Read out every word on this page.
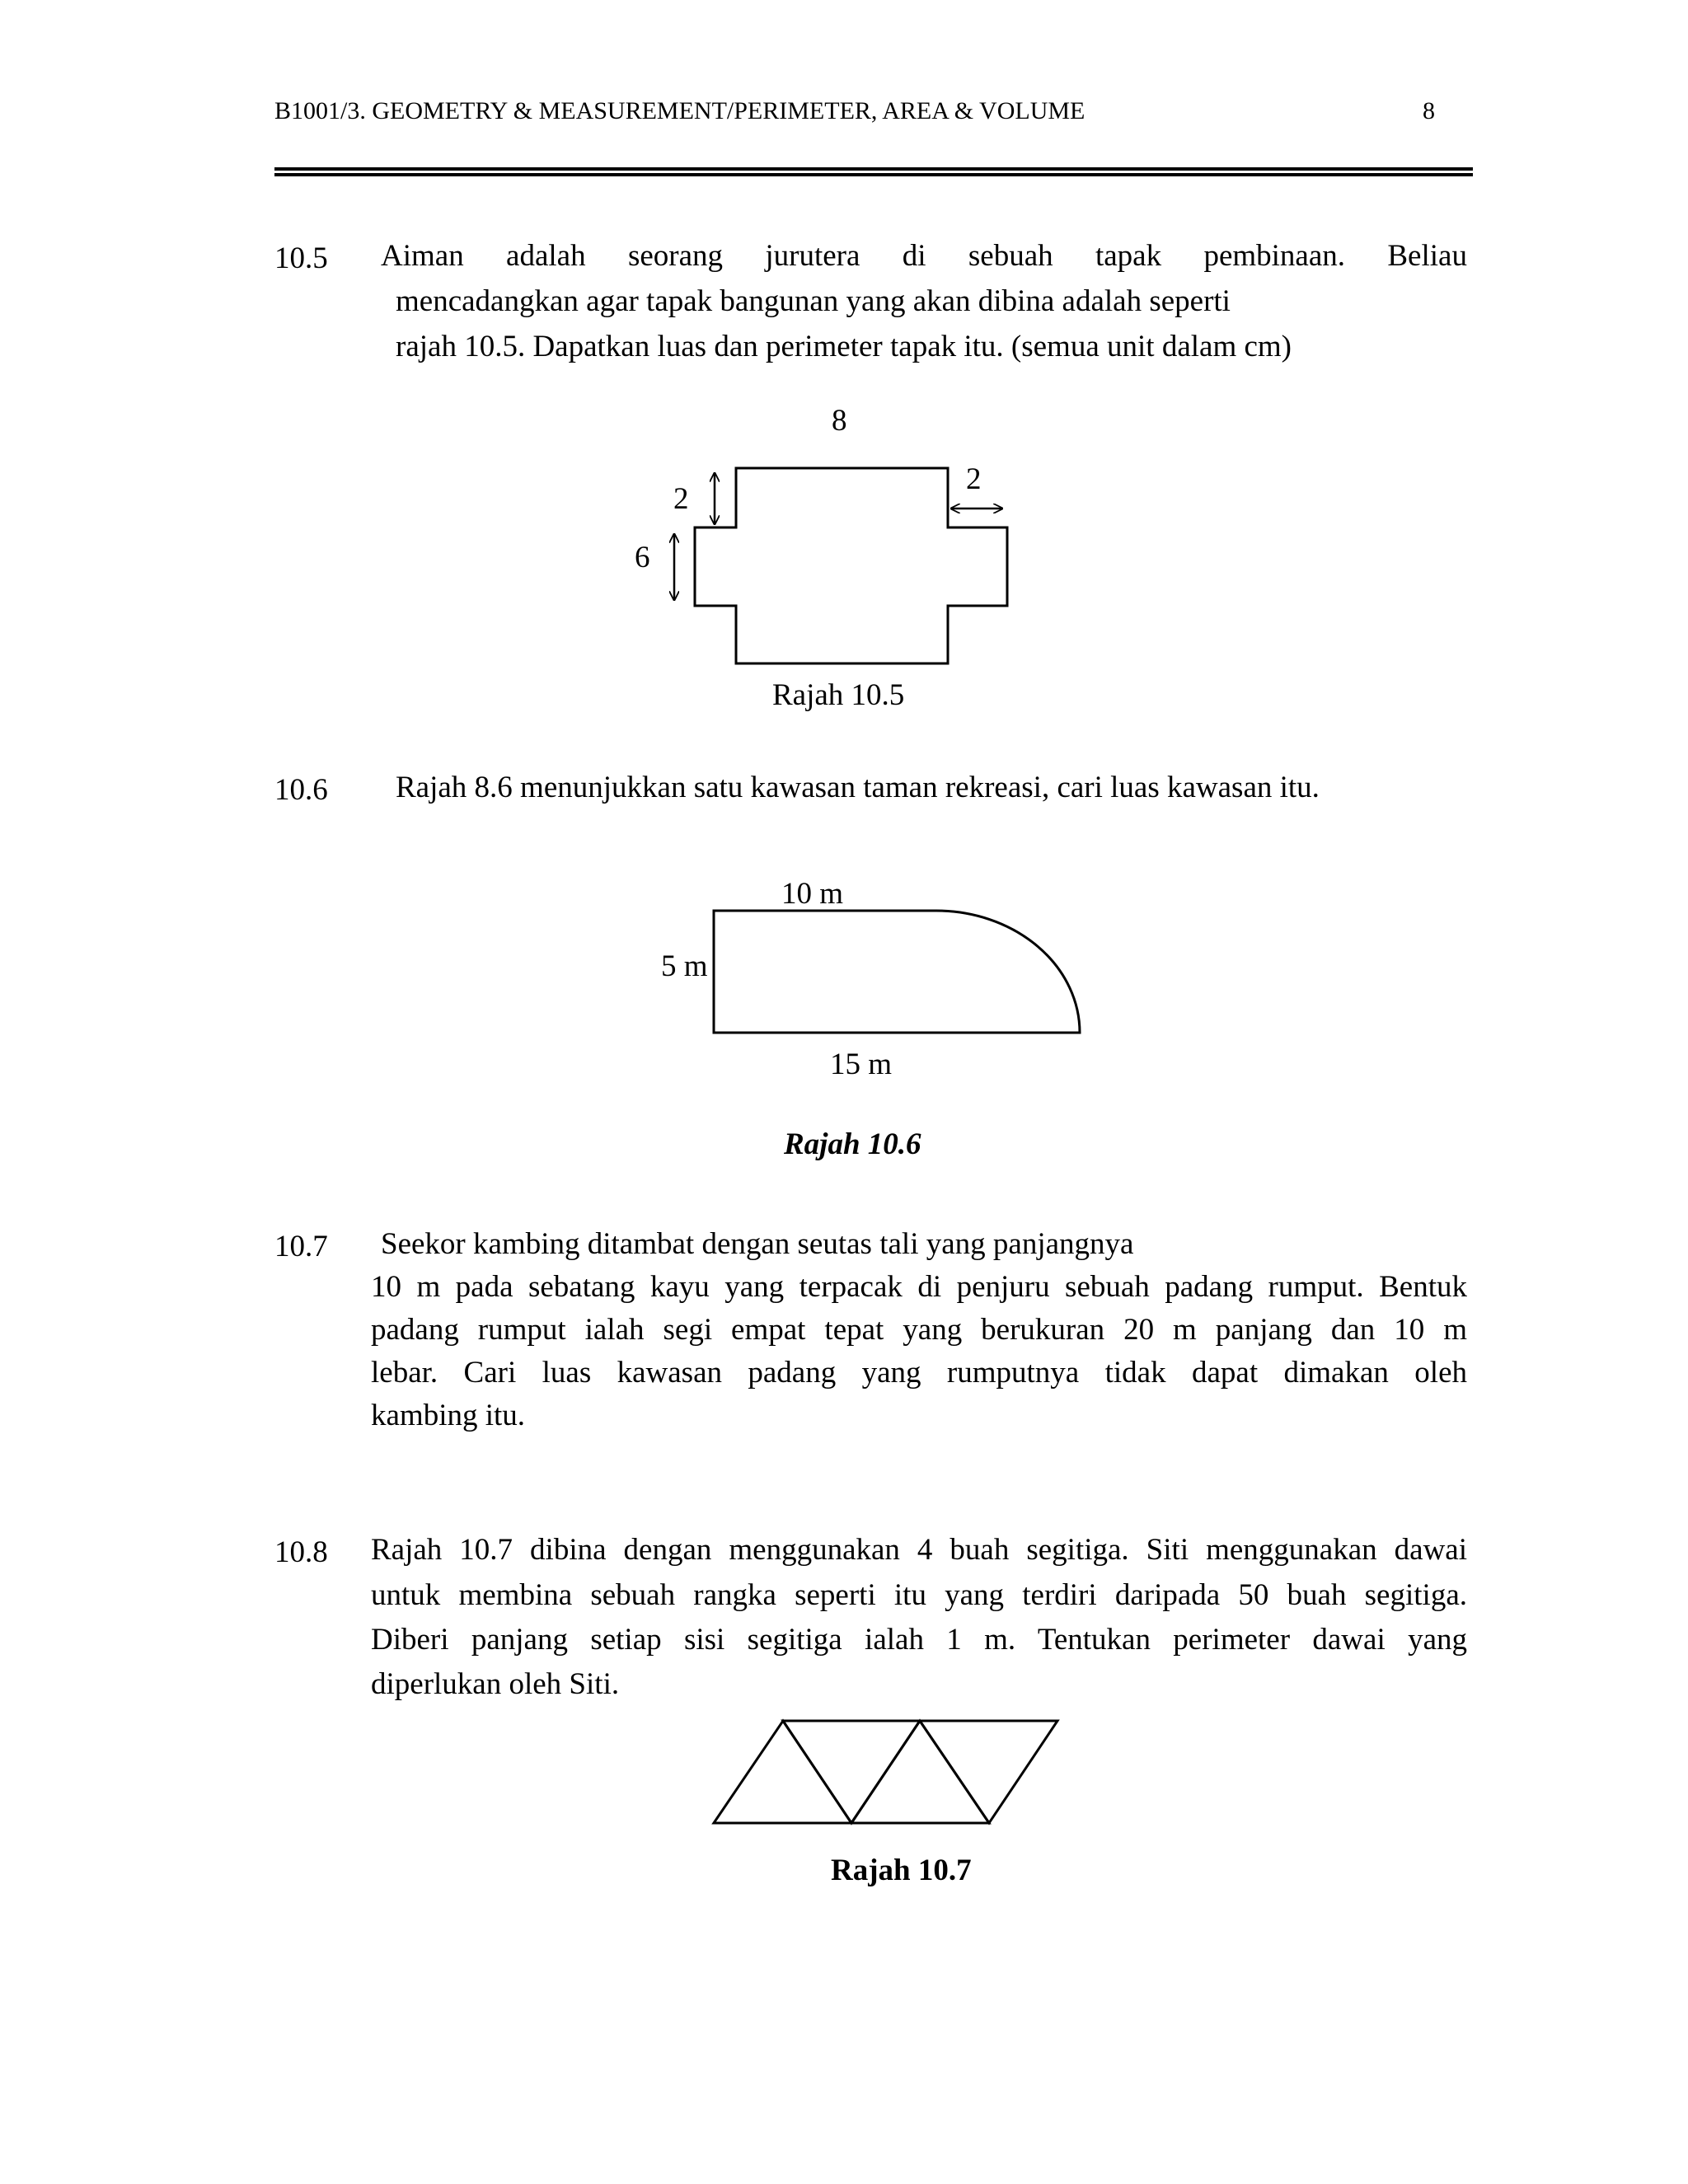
B1001/3. GEOMETRY & MEASUREMENT/PERIMETER, AREA & VOLUME	8
10.5 Aiman adalah seorang jurutera di sebuah tapak pembinaan. Beliau
mencadangkan agar tapak bangunan yang akan dibina adalah seperti
rajah 10.5. Dapatkan luas dan perimeter tapak itu. (semua unit dalam cm)
8
2
6
2
Rajah 10.5
10.6 Rajah 8.6 menunjukkan satu kawasan taman rekreasi, cari luas kawasan itu.
10 m
5 m
15 m
Rajah 10.6
10.7 Seekor kambing ditambat dengan seutas tali yang panjangnya
10 m pada sebatang kayu yang terpacak di penjuru sebuah padang rumput. Bentuk
padang rumput ialah segi empat tepat yang berukuran 20 m panjang dan 10 m
lebar. Cari luas kawasan padang yang rumputnya tidak dapat dimakan oleh
kambing itu.
10.8 Rajah 10.7 dibina dengan menggunakan 4 buah segitiga. Siti menggunakan dawai
untuk membina sebuah rangka seperti itu yang terdiri daripada 50 buah segitiga.
Diberi panjang setiap sisi segitiga ialah 1 m. Tentukan perimeter dawai yang
diperlukan oleh Siti.
Rajah 10.7
